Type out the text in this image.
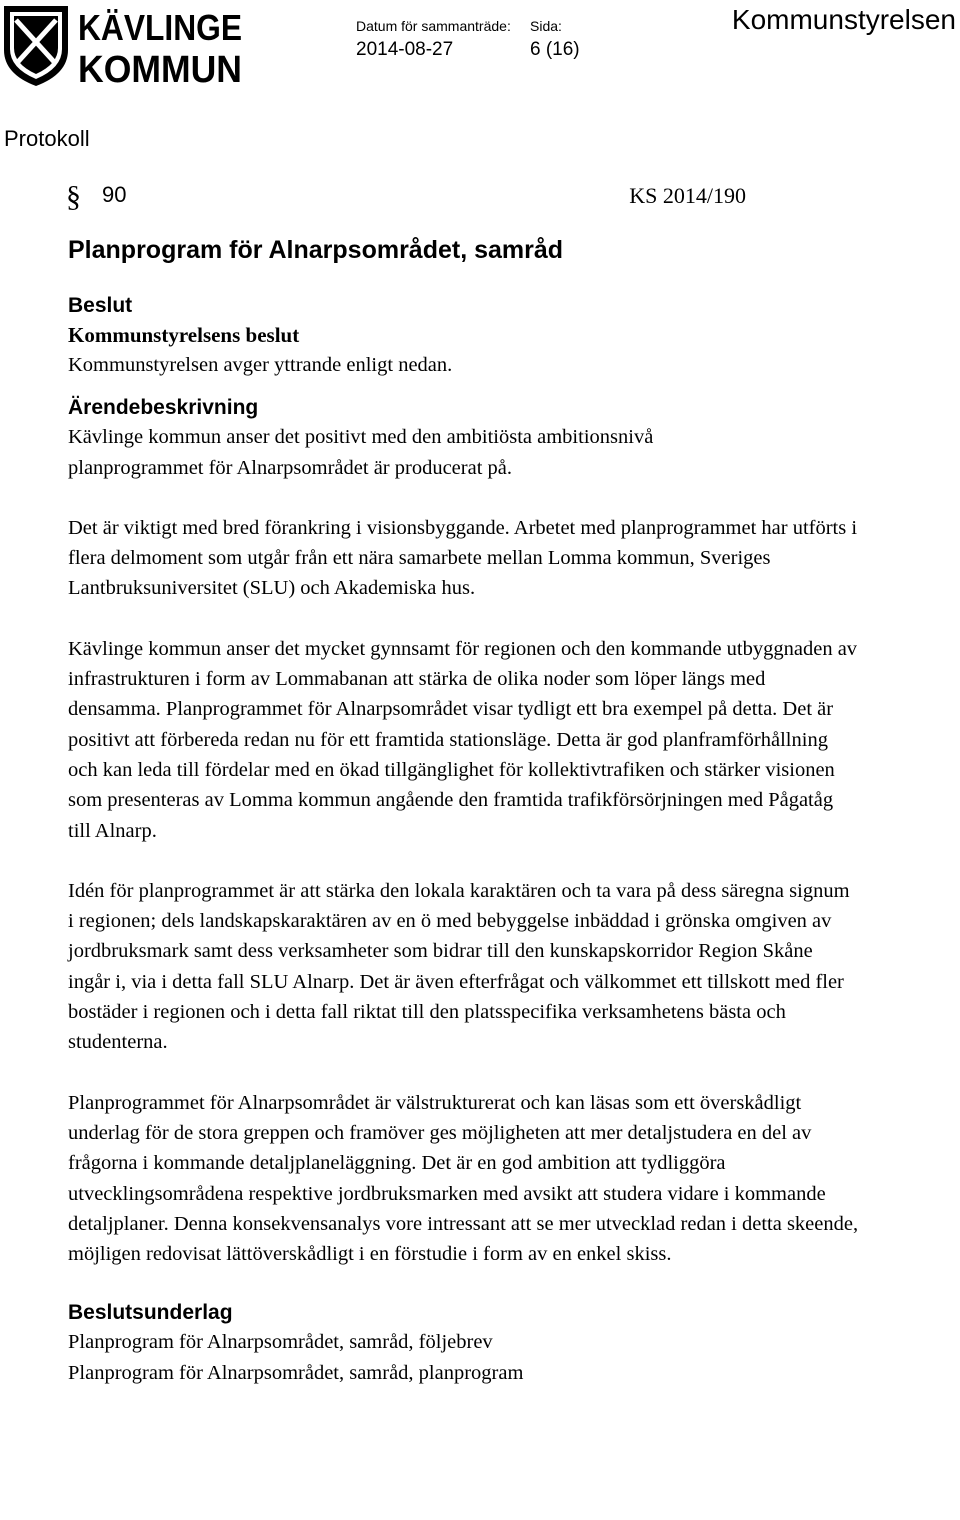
KÄVLINGE
KOMMUN
Datum för sammanträde:
2014-08-27
Sida:
6 (16)
Kommunstyrelsen
Protokoll
§ 90	KS 2014/190
Planprogram för Alnarpsområdet, samråd

Beslut

Kommunstyrelsens beslut

Kommunstyrelsen avger yttrande enligt nedan.

Ärendebeskrivning

Kävlinge kommun anser det positivt med den ambitiösta ambitionsnivå planprogrammet för Alnarpsområdet är producerat på.

Det är viktigt med bred förankring i visionsbyggande. Arbetet med planprogrammet har utförts i flera delmoment som utgår från ett nära samarbete mellan Lomma kommun, Sveriges Lantbruksuniversitet (SLU) och Akademiska hus.

Kävlinge kommun anser det mycket gynnsamt för regionen och den kommande utbyggnaden av infrastrukturen i form av Lommabanan att stärka de olika noder som löper längs med densamma. Planprogrammet för Alnarpsområdet visar tydligt ett bra exempel på detta. Det är positivt att förbereda redan nu för ett framtida stationsläge. Detta är god planframförhållning och kan leda till fördelar med en ökad tillgänglighet för kollektivtrafiken och stärker visionen som presenteras av Lomma kommun angående den framtida trafikförsörjningen med Pågatåg till Alnarp.

Idén för planprogrammet är att stärka den lokala karaktären och ta vara på dess säregna signum i regionen; dels landskapskaraktären av en ö med bebyggelse inbäddad i grönska omgiven av jordbruksmark samt dess verksamheter som bidrar till den kunskapskorridor Region Skåne ingår i, via i detta fall SLU Alnarp. Det är även efterfrågat och välkommet ett tillskott med fler bostäder i regionen och i detta fall riktat till den platsspecifika verksamhetens bästa och studenterna.

Planprogrammet för Alnarpsområdet är välstrukturerat och kan läsas som ett överskådligt underlag för de stora greppen och framöver ges möjligheten att mer detaljstudera en del av frågorna i kommande detaljplaneläggning. Det är en god ambition att tydliggöra utvecklingsområdena respektive jordbruksmarken med avsikt att studera vidare i kommande detaljplaner. Denna konsekvensanalys vore intressant att se mer utvecklad redan i detta skeende, möjligen redovisat lättöverskådligt i en förstudie i form av en enkel skiss.

Beslutsunderlag

Planprogram för Alnarpsområdet, samråd, följebrev

Planprogram för Alnarpsområdet, samråd, planprogram
